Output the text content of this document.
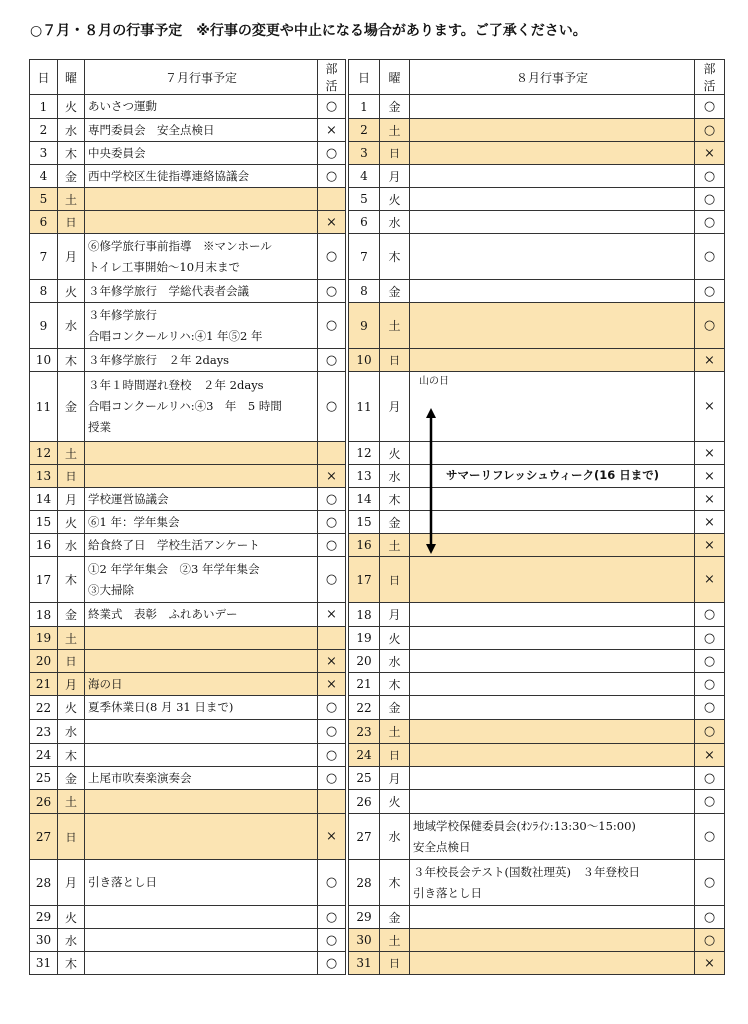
○７月・８月の行事予定　※行事の変更や中止になる場合があります。ご了承ください。
日	曜	７月行事予定	部活
1	火	あいさつ運動	○
2	水	専門委員会　安全点検日	×
3	木	中央委員会	○
4	金	西中学校区生徒指導連絡協議会	○
5	土	

6	日		×
7	月	⑥修学旅行事前指導　※マンホール
トイレ工事開始～10月末まで	○
8	火	３年修学旅行　学総代表者会議	○
9	水	３年修学旅行
合唱コンクールリハ:④1 年⑤2 年	○
10	木	３年修学旅行　２年 2days	○
11	金	３年１時間遅れ登校　２年 2days
合唱コンクールリハ:④3　年　5 時間
授業	○
12	土	

13	日		×
14	月	学校運営協議会	○
15	火	⑥1 年：学年集会	○
16	水	給食終了日　学校生活アンケート	○
17	木	①2 年学年集会　②3 年学年集会
③大掃除	○
18	金	終業式　表彰　ふれあいデー	×
19	土	

20	日		×
21	月	海の日	×
22	火	夏季休業日(8 月 31 日まで)	○
23	水		○
24	木		○
25	金	上尾市吹奏楽演奏会	○
26	土	

27	日		×
28	月	引き落とし日	○
29	火		○
30	水		○
31	木		○
日	曜	８月行事予定	部活
1	金		○
2	土		○
3	日		×
4	月		○
5	火		○
6	水		○
7	木		○
8	金		○
9	土		○
10	日		×
11	月	山の日	×
12	火		×
13	水		×
14	木		×
15	金		×
16	土		×
17	日		×
18	月		○
19	火		○
20	水		○
21	木		○
22	金		○
23	土		○
24	日		×
25	月		○
26	火		○
27	水	地域学校保健委員会(ｵﾝﾗｲﾝ:13:30～15:00)
安全点検日	○
28	木	３年校長会テスト(国数社理英)　３年登校日
引き落とし日	○
29	金		○
30	土		○
31	日		×
サマーリフレッシュウィーク(16 日まで)
